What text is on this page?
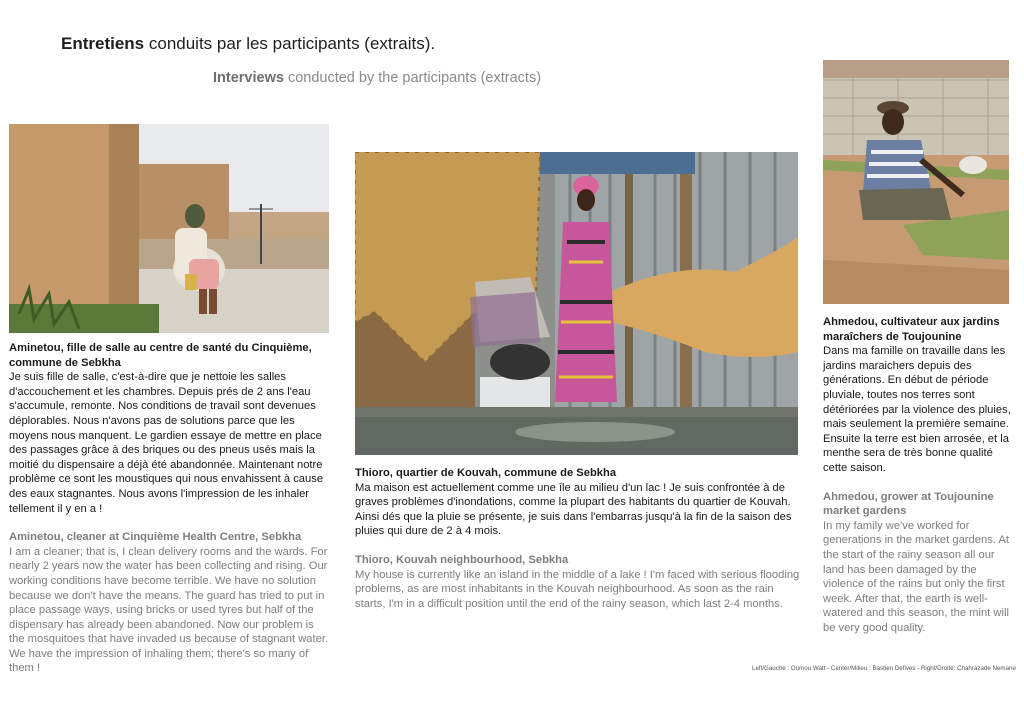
Entretiens conduits par les participants (extraits).
Interviews conducted by the participants (extracts)
Aminetou, fille de salle au centre de santé du Cinquième, commune de Sebkha
Je suis fille de salle, c'est-à-dire que je nettoie les salles d'accouchement et les chambres. Depuis prés de 2 ans l'eau s'accumule, remonte. Nos conditions de travail sont devenues déplorables. Nous n'avons pas de solutions parce que les moyens nous manquent. Le gardien essaye de mettre en place des passages grâce à des briques ou des pneus usés mais la moitié du dispensaire a déjà été abandonnée. Maintenant notre problème ce sont les moustiques qui nous envahissent à cause des eaux stagnantes. Nous avons l'impression de les inhaler tellement il y en a !
Aminetou, cleaner at Cinquième Health Centre, Sebkha
I am a cleaner; that is, I clean delivery rooms and the wards. For nearly 2 years now the water has been collecting and rising. Our working conditions have become terrible. We have no solution because we don't have the means. The guard has tried to put in place passage ways, using bricks or used tyres but half of the dispensary has already been abandoned. Now our problem is the mosquitoes that have invaded us because of stagnant water. We have the impression of inhaling them; there's so many of them !
Thioro, quartier de Kouvah, commune de Sebkha
Ma maison est actuellement comme une île au milieu d'un lac ! Je suis confrontée à de graves problèmes d'inondations, comme la plupart des habitants du quartier de Kouvah. Ainsi dés que la pluie se présente, je suis dans l'embarras jusqu'à la fin de la saison des pluies qui dure de 2 à 4 mois.
Thioro, Kouvah neighbourhood, Sebkha
My house is currently like an island in the middle of a lake ! I'm faced with serious flooding problems, as are most inhabitants in the Kouvah neighbourhood. As soon as the rain starts, I'm in a difficult position until the end of the rainy season, which last 2-4 months.
Ahmedou, cultivateur aux jardins maraîchers de Toujounine
Dans ma famille on travaille dans les jardins maraichers depuis des générations. En début de période pluviale, toutes nos terres sont détériorées par la violence des pluies, mais seulement la première semaine. Ensuite la terre est bien arrosée, et la menthe sera de très bonne qualité cette saison.
Ahmedou, grower at Toujounine market gardens
In my family we've worked for generations in the market gardens. At the start of the rainy season all our land has been damaged by the violence of the rains but only the first week. After that, the earth is well-watered and this season, the mint will be very good quality.
Left/Gauche : Oumou Watt - Center/Milieu : Bastien Defives - Right/Droite: Chahrazade Nemane
